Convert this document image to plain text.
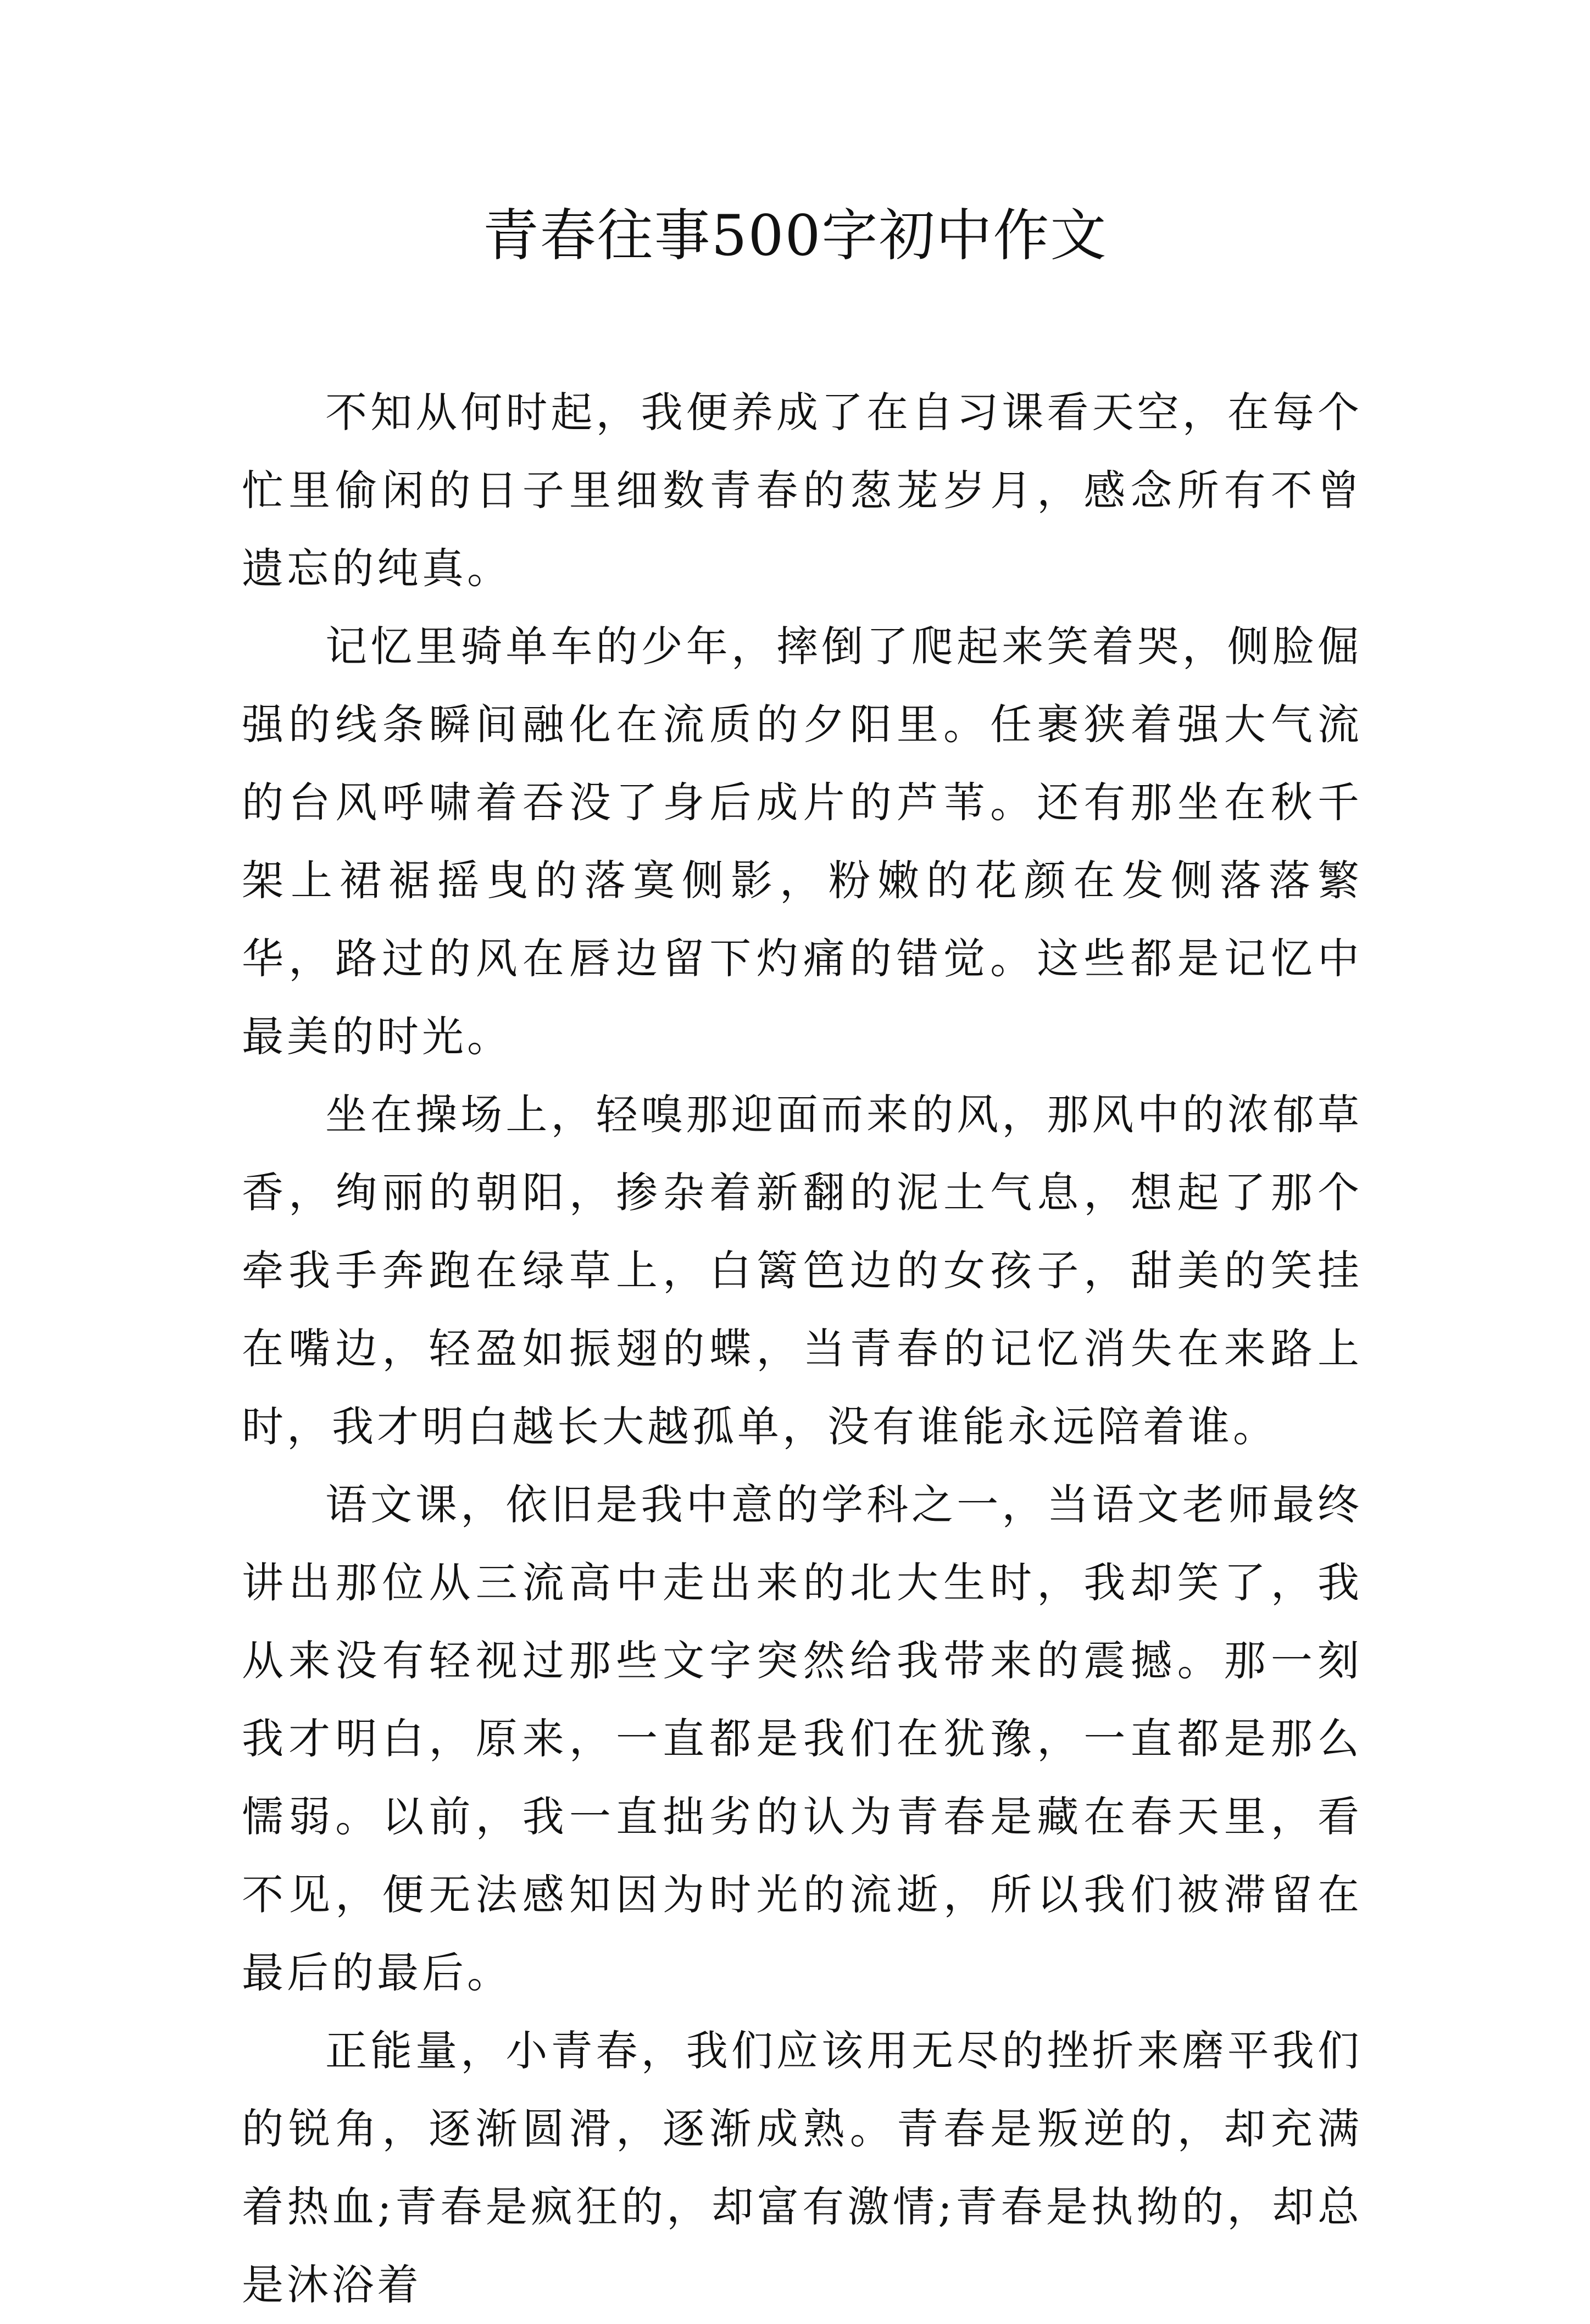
青春往事500字初中作文

不知从何时起，我便养成了在自习课看天空，在每个忙里偷闲的日子里细数青春的葱茏岁月，感念所有不曾遗忘的纯真。

记忆里骑单车的少年，摔倒了爬起来笑着哭，侧脸倔强的线条瞬间融化在流质的夕阳里。任裹狭着强大气流的台风呼啸着吞没了身后成片的芦苇。还有那坐在秋千架上裙裾摇曳的落寞侧影，粉嫩的花颜在发侧落落繁华，路过的风在唇边留下灼痛的错觉。这些都是记忆中最美的时光。

坐在操场上，轻嗅那迎面而来的风，那风中的浓郁草香，绚丽的朝阳，掺杂着新翻的泥土气息，想起了那个牵我手奔跑在绿草上，白篱笆边的女孩子，甜美的笑挂在嘴边，轻盈如振翅的蝶，当青春的记忆消失在来路上时，我才明白越长大越孤单，没有谁能永远陪着谁。

语文课，依旧是我中意的学科之一，当语文老师最终讲出那位从三流高中走出来的北大生时，我却笑了，我从来没有轻视过那些文字突然给我带来的震撼。那一刻我才明白，原来，一直都是我们在犹豫，一直都是那么懦弱。以前，我一直拙劣的认为青春是藏在春天里，看不见，便无法感知因为时光的流逝，所以我们被滞留在最后的最后。

正能量，小青春，我们应该用无尽的挫折来磨平我们的锐角，逐渐圆滑，逐渐成熟。青春是叛逆的，却充满着热血;青春是疯狂的，却富有激情;青春是执拗的，却总是沐浴着
